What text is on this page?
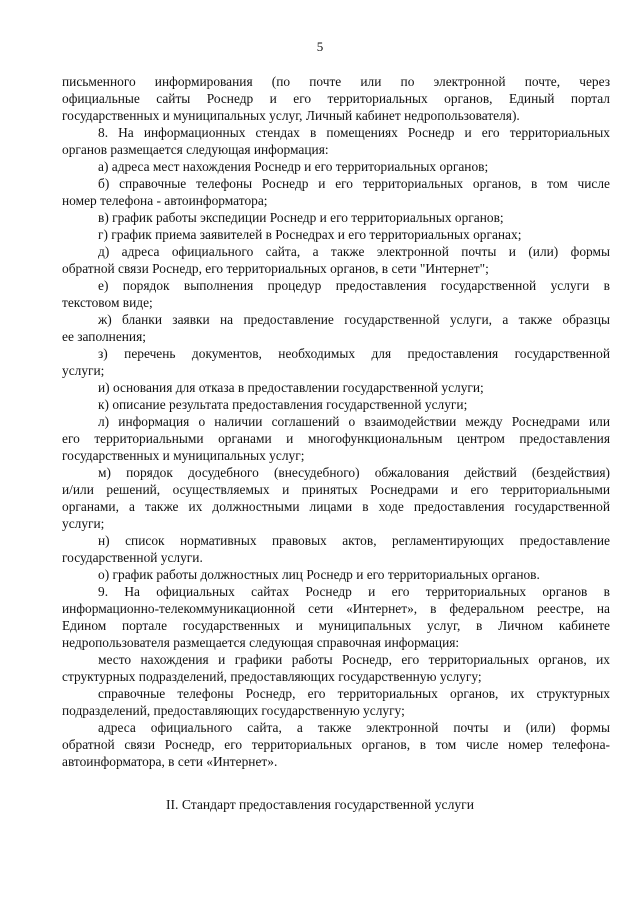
5
письменного информирования (по почте или по электронной почте, через
официальные сайты Роснедр и его территориальных органов, Единый портал
государственных и муниципальных услуг, Личный кабинет недропользователя).
8. На информационных стендах в помещениях Роснедр и его территориальных
органов размещается следующая информация:
а) адреса мест нахождения Роснедр и его территориальных органов;
б) справочные телефоны Роснедр и его территориальных органов, в том числе
номер телефона - автоинформатора;
в) график работы экспедиции Роснедр и его территориальных органов;
г) график приема заявителей в Роснедрах и его территориальных органах;
д) адреса официального сайта, а также электронной почты и (или) формы
обратной связи Роснедр, его территориальных органов, в сети "Интернет";
е) порядок выполнения процедур предоставления государственной услуги в
текстовом виде;
ж) бланки заявки на предоставление государственной услуги, а также образцы
ее заполнения;
з) перечень документов, необходимых для предоставления государственной
услуги;
и) основания для отказа в предоставлении государственной услуги;
к) описание результата предоставления государственной услуги;
л) информация о наличии соглашений о взаимодействии между Роснедрами или
его территориальными органами и многофункциональным центром предоставления
государственных и муниципальных услуг;
м) порядок досудебного (внесудебного) обжалования действий (бездействия)
и/или решений, осуществляемых и принятых Роснедрами и его территориальными
органами, а также их должностными лицами в ходе предоставления государственной
услуги;
н) список нормативных правовых актов, регламентирующих предоставление
государственной услуги.
о) график работы должностных лиц Роснедр и его территориальных органов.
9. На официальных сайтах Роснедр и его территориальных органов в
информационно-телекоммуникационной сети «Интернет», в федеральном реестре, на
Едином портале государственных и муниципальных услуг, в Личном кабинете
недропользователя размещается следующая справочная информация:
место нахождения и графики работы Роснедр, его территориальных органов, их
структурных подразделений, предоставляющих государственную услугу;
справочные телефоны Роснедр, его территориальных органов, их структурных
подразделений, предоставляющих государственную услугу;
адреса официального сайта, а также электронной почты и (или) формы
обратной связи Роснедр, его территориальных органов, в том числе номер телефона-
автоинформатора, в сети «Интернет».
II. Стандарт предоставления государственной услуги
